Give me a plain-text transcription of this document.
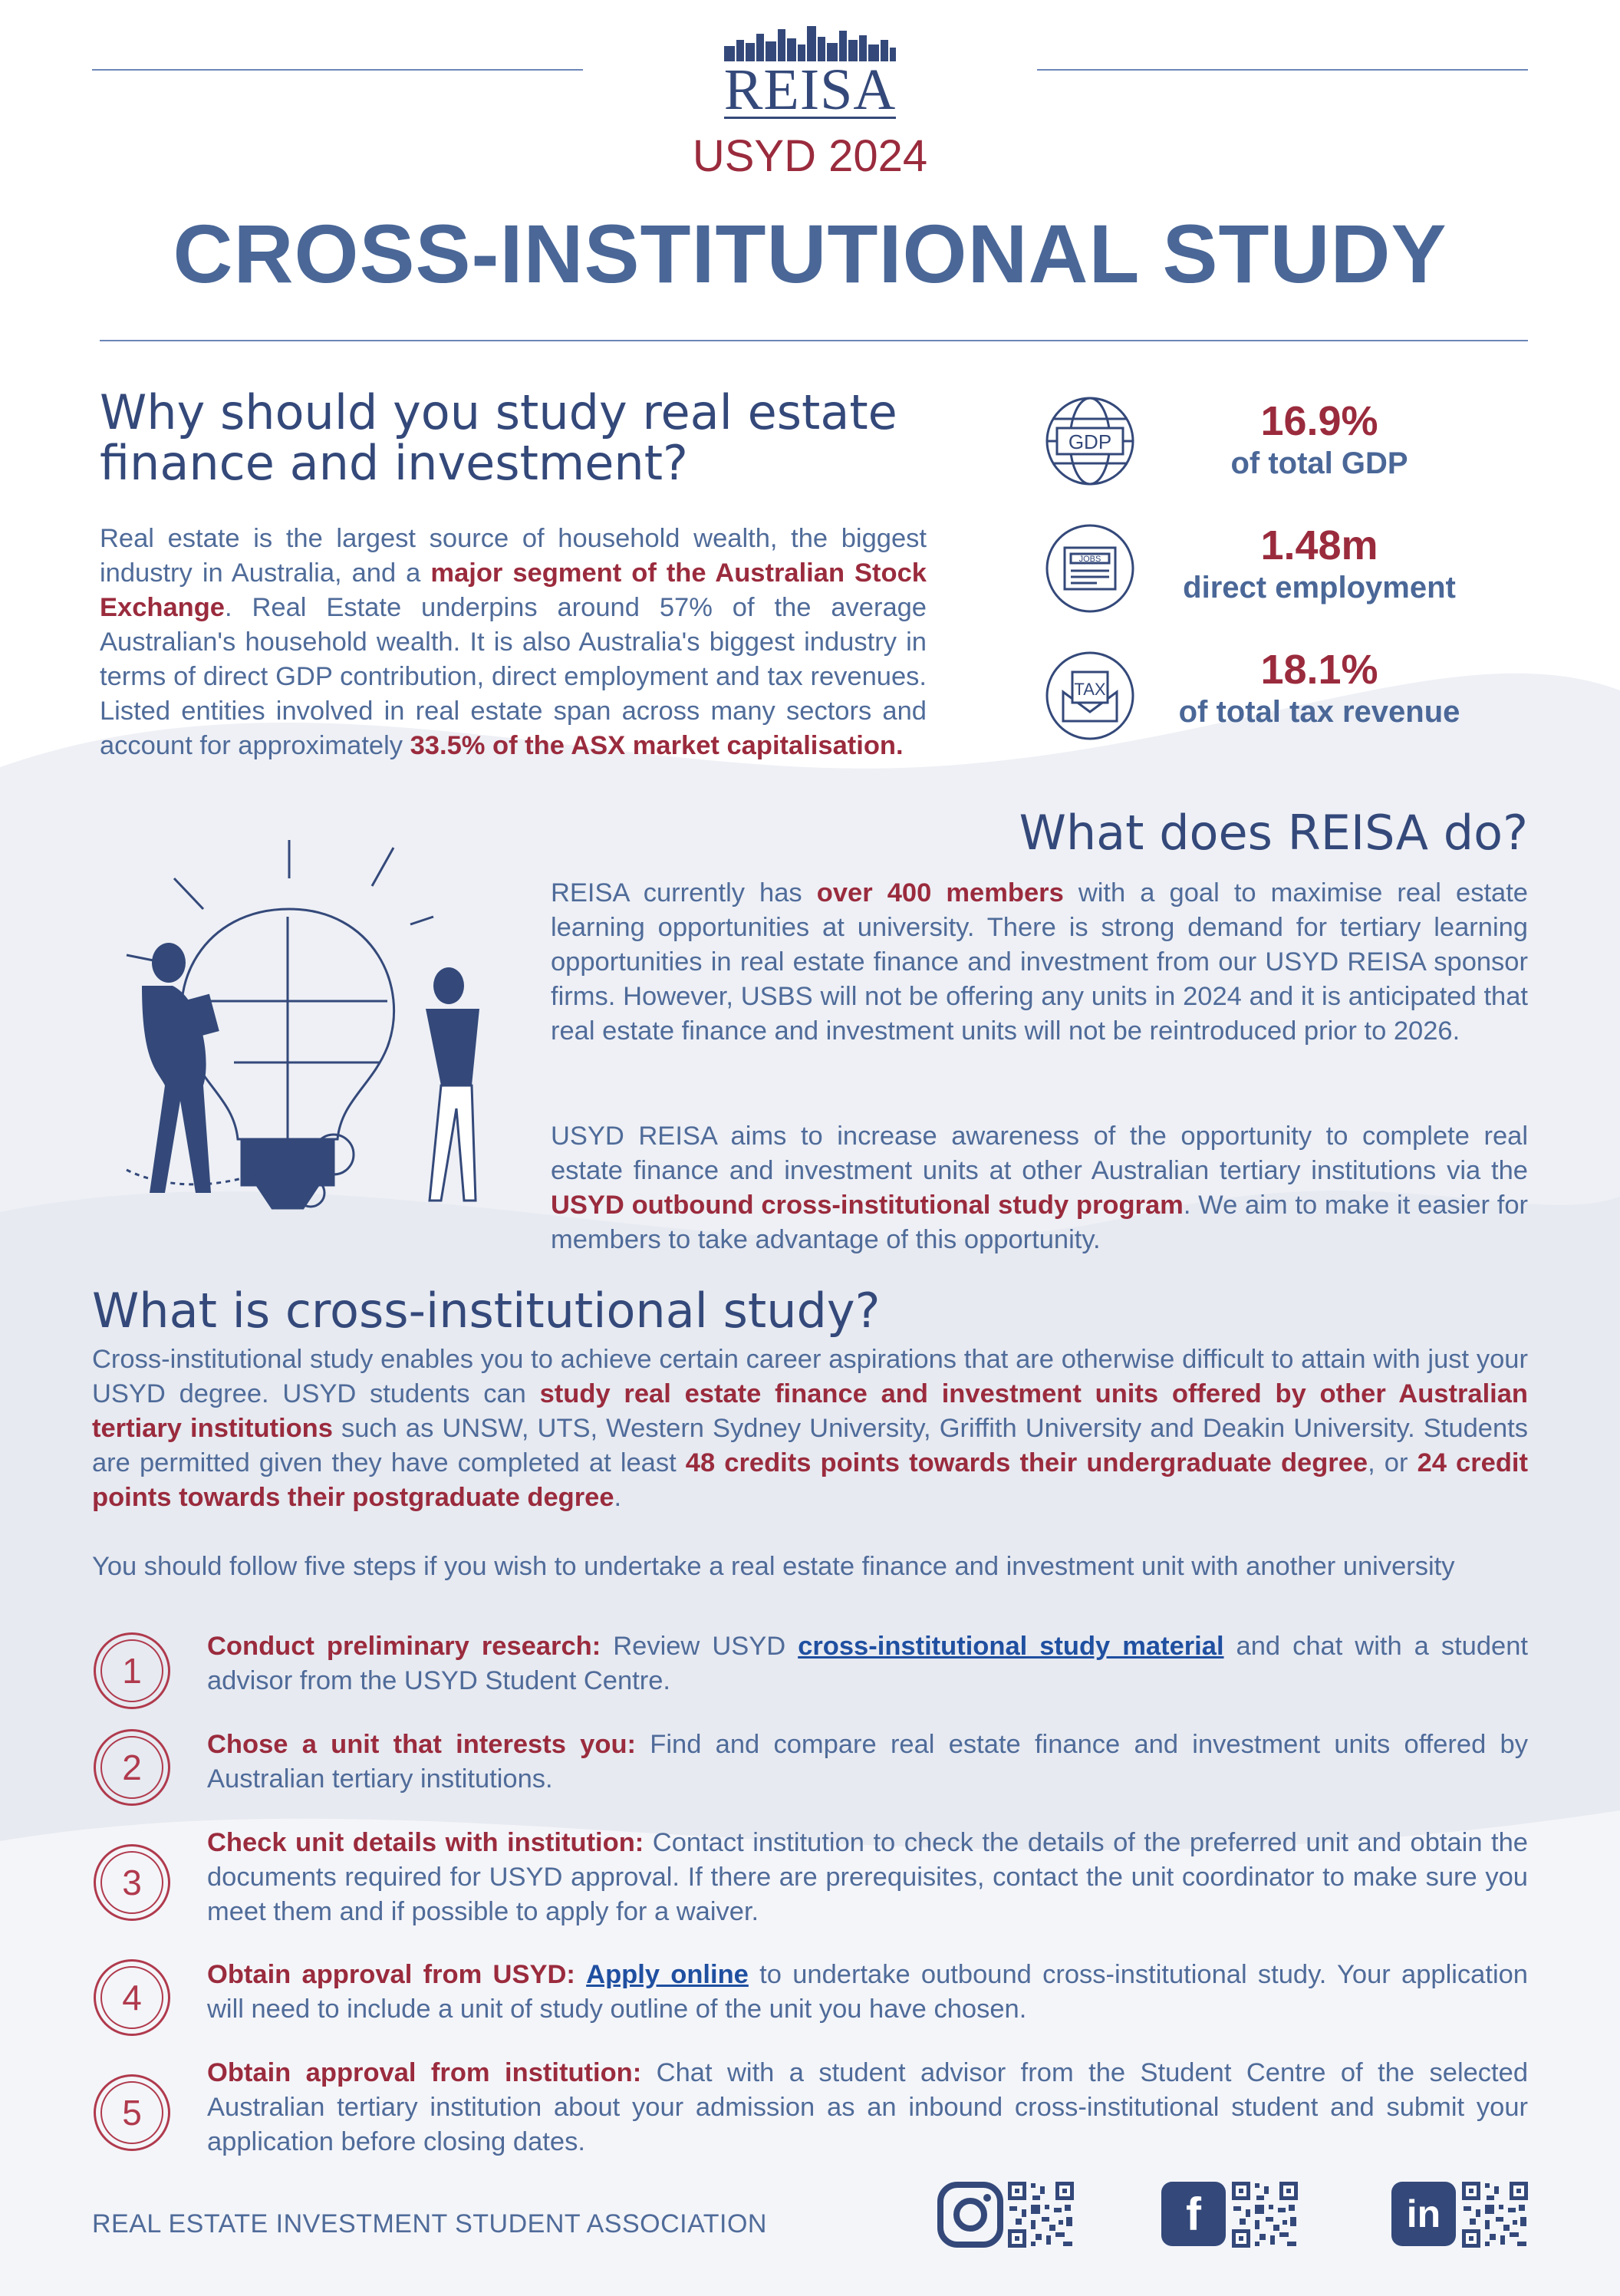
REISA
USYD 2024
CROSS-INSTITUTIONAL STUDY
Why should you study real estate
finance and investment?
Real estate is the largest source of household wealth, the biggest industry in Australia, and a major segment of the Australian Stock Exchange. Real Estate underpins around 57% of the average Australian's household wealth. It is also Australia's biggest industry in terms of direct GDP contribution, direct employment and tax revenues. Listed entities involved in real estate span across many sectors and account for approximately 33.5% of the ASX market capitalisation.
GDP	16.9%
of total GDP
JOBS	1.48m
direct employment
TAX	18.1%
of total tax revenue
What does REISA do?
REISA currently has over 400 members with a goal to maximise real estate learning opportunities at university. There is strong demand for tertiary learning opportunities in real estate finance and investment from our USYD REISA sponsor firms. However, USBS will not be offering any units in 2024 and it is anticipated that real estate finance and investment units will not be reintroduced prior to 2026.
USYD REISA aims to increase awareness of the opportunity to complete real estate finance and investment units at other Australian tertiary institutions via the USYD outbound cross-institutional study program. We aim to make it easier for members to take advantage of this opportunity.
What is cross-institutional study?
Cross-institutional study enables you to achieve certain career aspirations that are otherwise difficult to attain with just your USYD degree. USYD students can study real estate finance and investment units offered by other Australian tertiary institutions such as UNSW, UTS, Western Sydney University, Griffith University and Deakin University. Students are permitted given they have completed at least 48 credits points towards their undergraduate degree, or 24 credit points towards their postgraduate degree.
You should follow five steps if you wish to undertake a real estate finance and investment unit with another university
1
Conduct preliminary research: Review USYD cross-institutional study material and chat with a student advisor from the USYD Student Centre.
2
Chose a unit that interests you: Find and compare real estate finance and investment units offered by Australian tertiary institutions.
3
Check unit details with institution: Contact institution to check the details of the preferred unit and obtain the documents required for USYD approval. If there are prerequisites, contact the unit coordinator to make sure you meet them and if possible to apply for a waiver.
4
Obtain approval from USYD: Apply online to undertake outbound cross-institutional study. Your application will need to include a unit of study outline of the unit you have chosen.
5
Obtain approval from institution: Chat with a student advisor from the Student Centre of the selected Australian tertiary institution about your admission as an inbound cross-institutional student and submit your application before closing dates.
REAL ESTATE INVESTMENT STUDENT ASSOCIATION	f	in
